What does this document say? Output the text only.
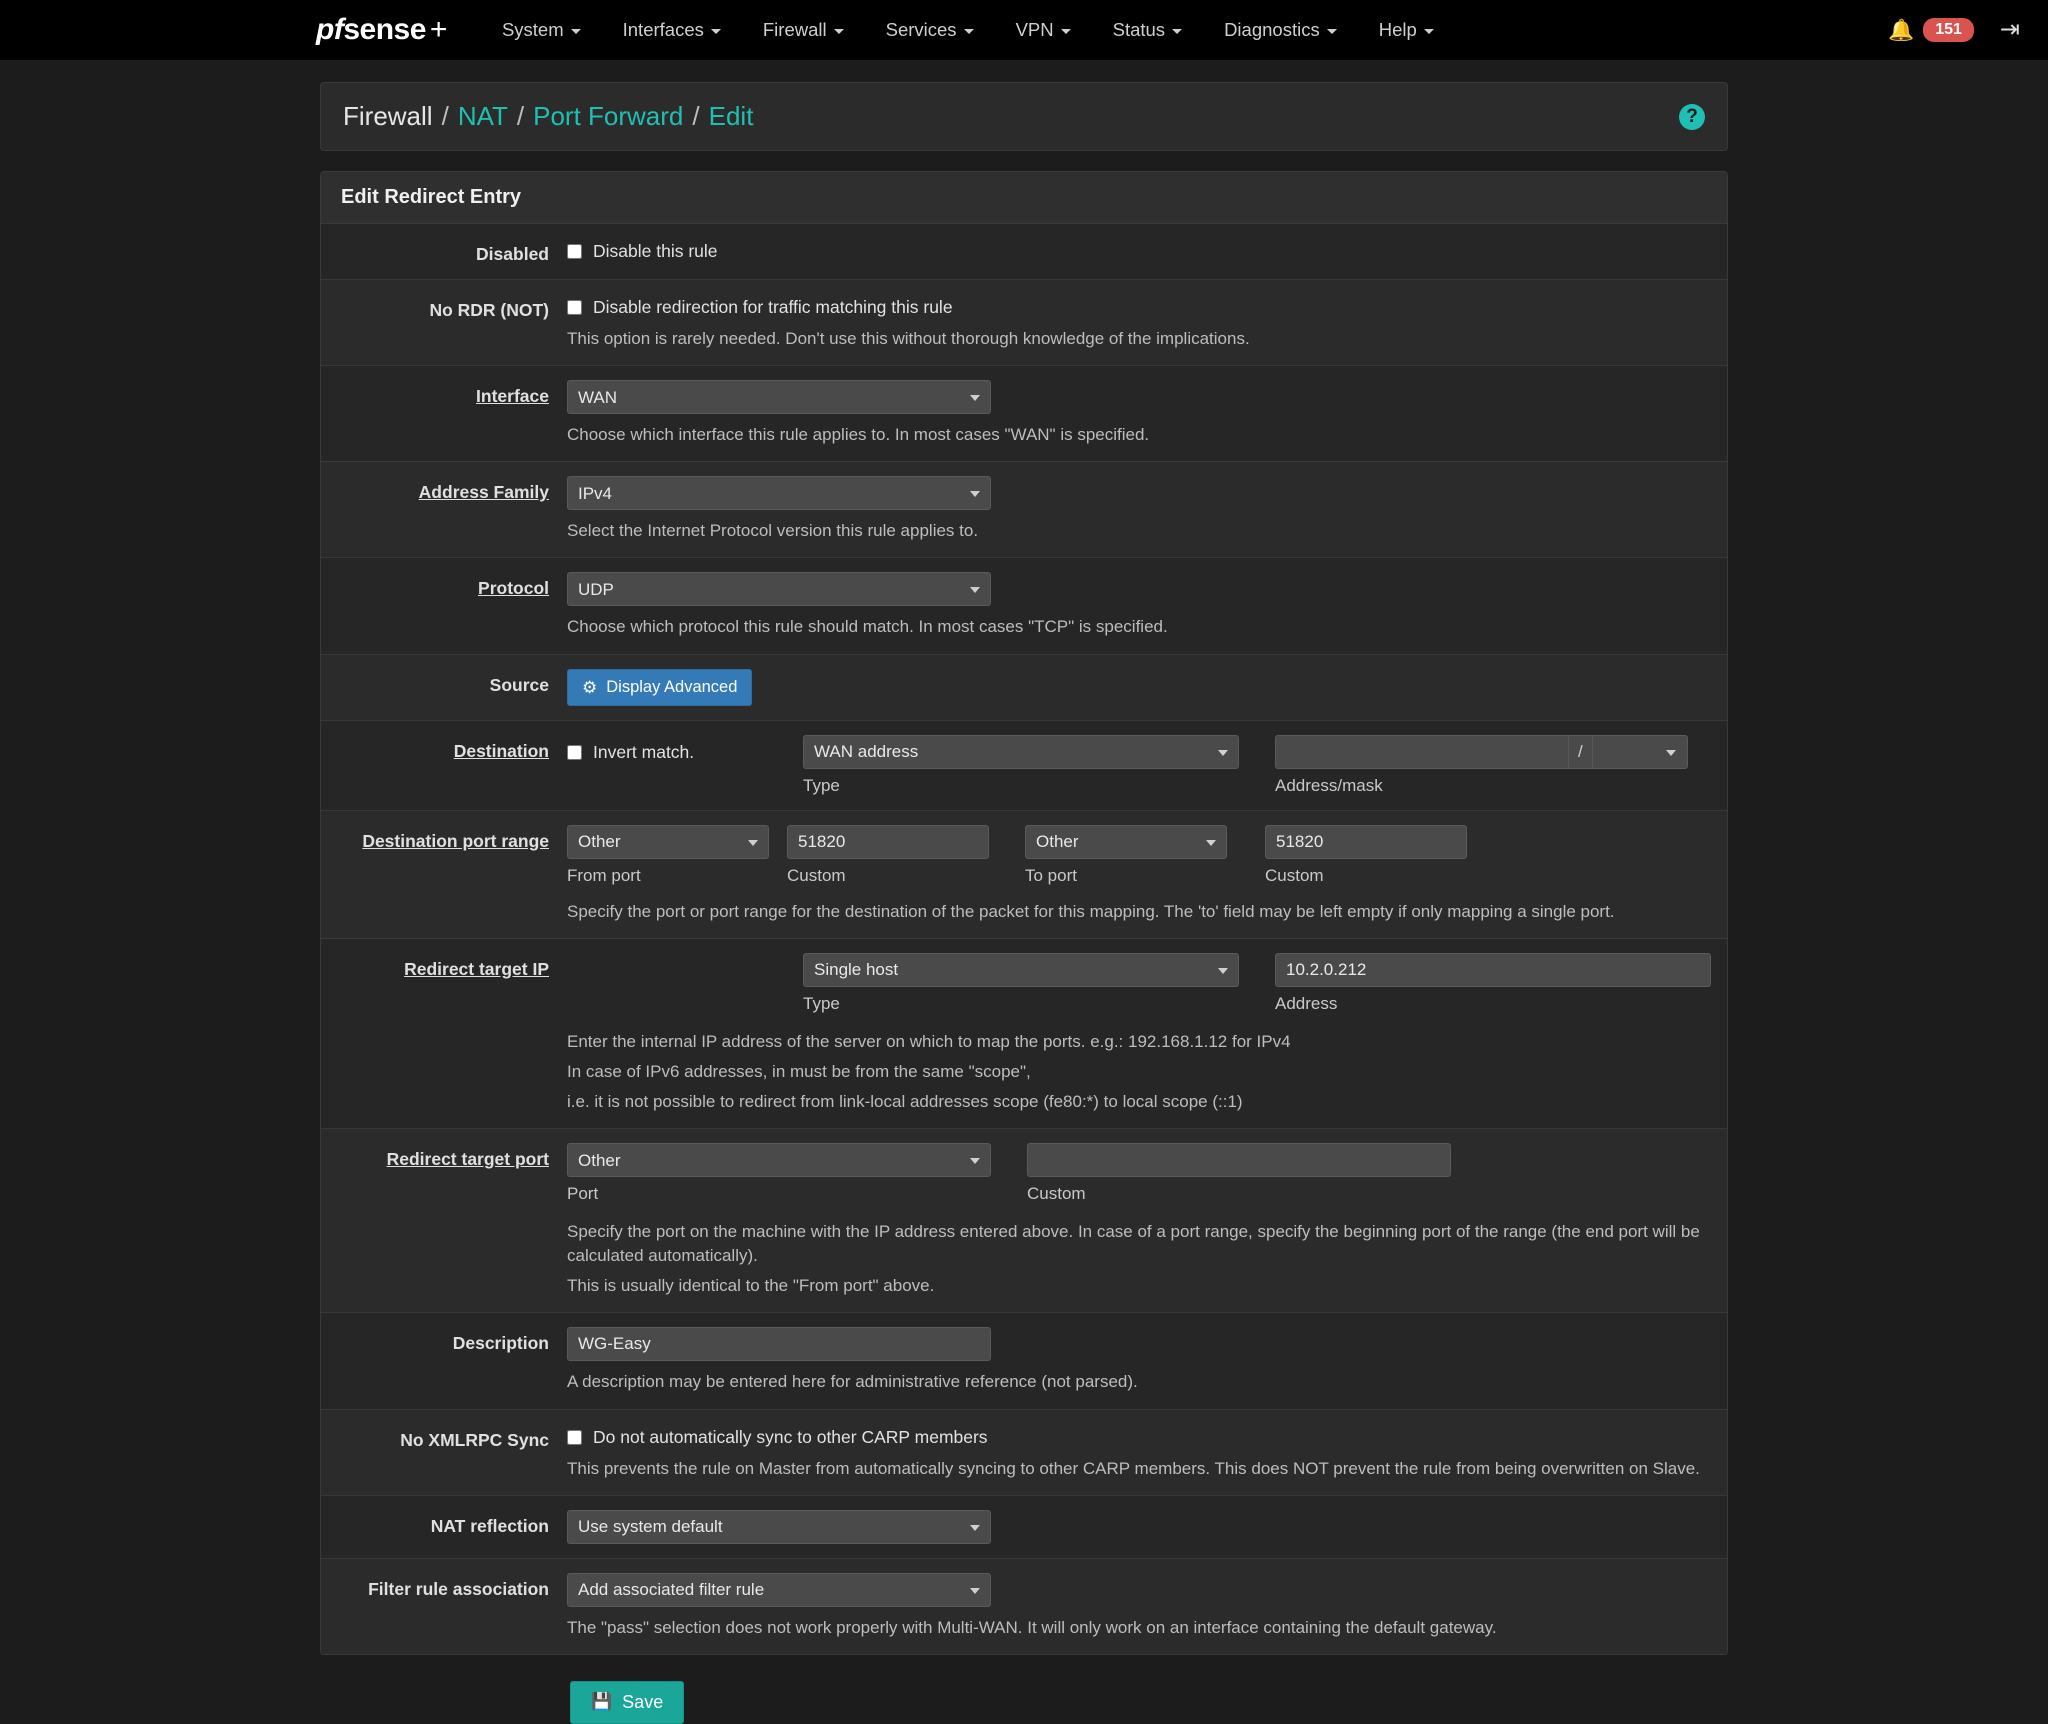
pf sense +	System	Interfaces	Firewall	Services	VPN	Status	Diagnostics	Help	🔔	151	⇥
Firewall / NAT / Port Forward / Edit	?
Edit Redirect Entry
Disabled	Disable this rule
No RDR (NOT)	Disable redirection for traffic matching this rule
This option is rarely needed. Don't use this without thorough knowledge of the implications.
Interface
WAN
Choose which interface this rule applies to. In most cases "WAN" is specified.
Address Family
IPv4
Select the Internet Protocol version this rule applies to.
Protocol
UDP
Choose which protocol this rule should match. In most cases "TCP" is specified.
Source	⚙ Display Advanced
Destination	Invert match.
WAN address
Type
/
Address/mask
Destination port range
Other
From port
51820	Custom
Other	To port
51820	Custom
Specify the port or port range for the destination of the packet for this mapping. The 'to' field may be left empty if only mapping a single port.
Redirect target IP
Single host
Type
10.2.0.212	Address
Enter the internal IP address of the server on which to map the ports. e.g.: 192.168.1.12 for IPv4
In case of IPv6 addresses, in must be from the same "scope",
i.e. it is not possible to redirect from link-local addresses scope (fe80:*) to local scope (::1)
Redirect target port
Other
Port	Custom
Specify the port on the machine with the IP address entered above. In case of a port range, specify the beginning port of the range (the end port will be calculated automatically).
This is usually identical to the "From port" above.
Description
WG-Easy
A description may be entered here for administrative reference (not parsed).
No XMLRPC Sync	Do not automatically sync to other CARP members
This prevents the rule on Master from automatically syncing to other CARP members. This does NOT prevent the rule from being overwritten on Slave.
NAT reflection
Use system default
Filter rule association
Add associated filter rule
The "pass" selection does not work properly with Multi-WAN. It will only work on an interface containing the default gateway.
💾 Save
